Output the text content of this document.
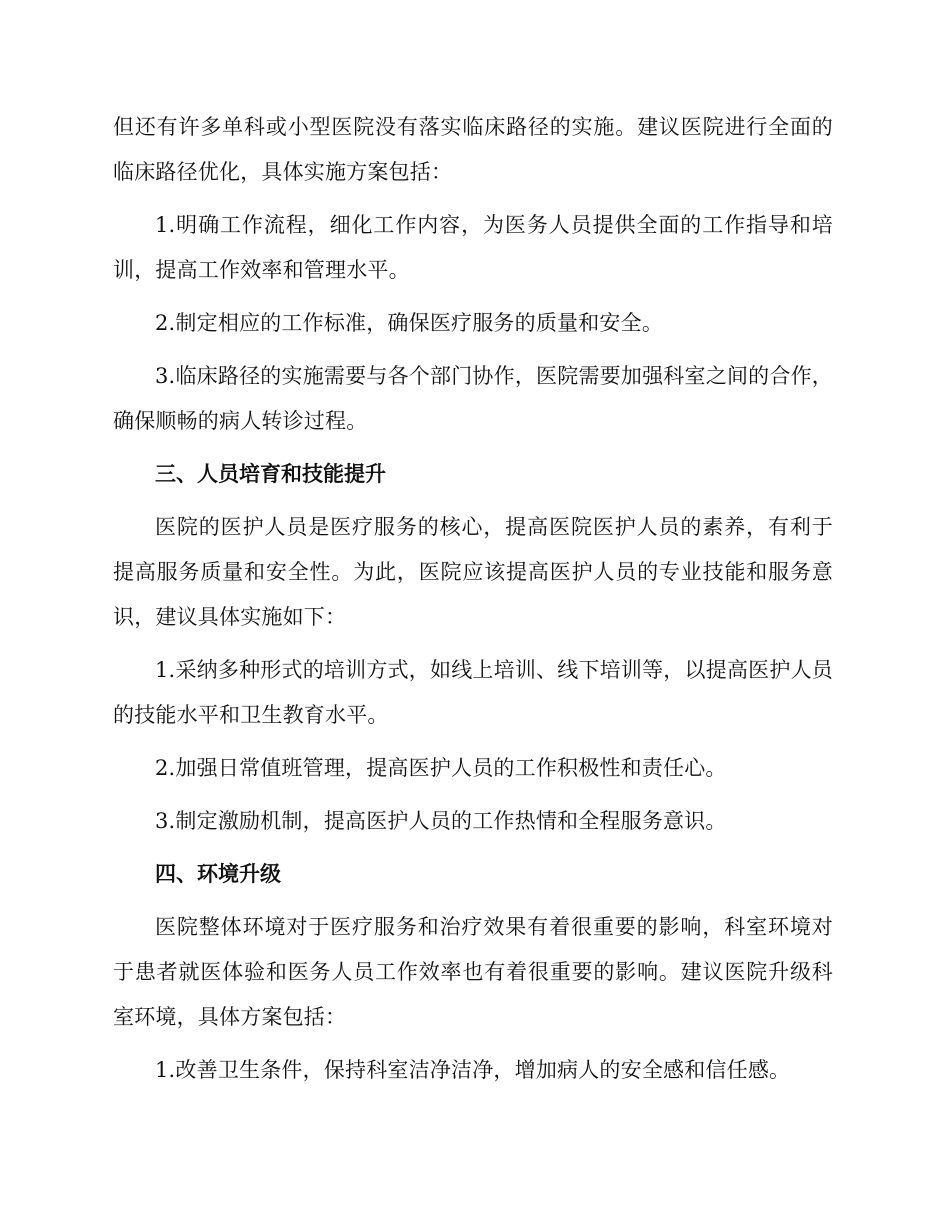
但还有许多单科或小型医院没有落实临床路径的实施。建议医院进行全面的临床路径优化，具体实施方案包括：

1.明确工作流程，细化工作内容，为医务人员提供全面的工作指导和培训，提高工作效率和管理水平。

2.制定相应的工作标准，确保医疗服务的质量和安全。

3.临床路径的实施需要与各个部门协作，医院需要加强科室之间的合作，确保顺畅的病人转诊过程。

三、人员培育和技能提升

医院的医护人员是医疗服务的核心，提高医院医护人员的素养，有利于提高服务质量和安全性。为此，医院应该提高医护人员的专业技能和服务意识，建议具体实施如下：

1.采纳多种形式的培训方式，如线上培训、线下培训等，以提高医护人员的技能水平和卫生教育水平。

2.加强日常值班管理，提高医护人员的工作积极性和责任心。

3.制定激励机制，提高医护人员的工作热情和全程服务意识。

四、环境升级

医院整体环境对于医疗服务和治疗效果有着很重要的影响，科室环境对于患者就医体验和医务人员工作效率也有着很重要的影响。建议医院升级科室环境，具体方案包括：

1.改善卫生条件，保持科室洁净洁净，增加病人的安全感和信任感。
